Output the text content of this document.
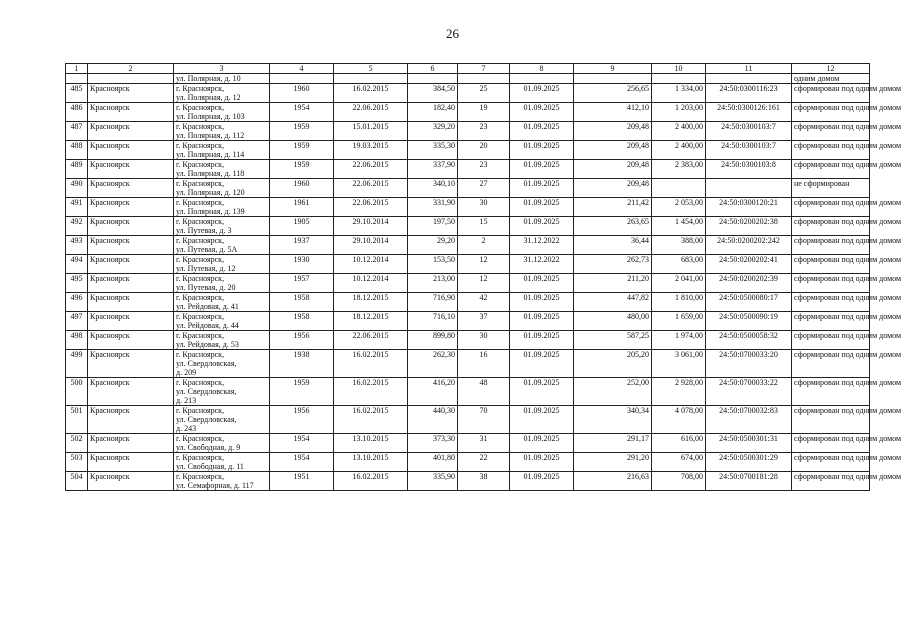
26
1	2	3	4	5	6	7	8	9	10	11	12
		ул. Полярная, д. 10									одним домом
485	Красноярск	г. Красноярск,
ул. Полярная, д. 12	1960	16.02.2015	384,50	25	01.09.2025	256,65	1 334,00	24:50:0300116:23	сформирован под одним домом
486	Красноярск	г. Красноярск,
ул. Полярная, д. 103	1954	22.06.2015	182,40	19	01.09.2025	412,10	1 203,00	24:50:0300126:161	сформирован под одним домом
487	Красноярск	г. Красноярск,
ул. Полярная, д. 112	1959	15.01.2015	329,20	23	01.09.2025	209,48	2 400,00	24:50:0300103:7	сформирован под одним домом
488	Красноярск	г. Красноярск,
ул. Полярная, д. 114	1959	19.03.2015	335,30	20	01.09.2025	209,48	2 400,00	24:50:0300103:7	сформирован под одним домом
489	Красноярск	г. Красноярск,
ул. Полярная, д. 118	1959	22.06.2015	337,90	23	01.09.2025	209,48	2 383,00	24:50:0300103:8	сформирован под одним домом
490	Красноярск	г. Красноярск,
ул. Полярная, д. 120	1960	22.06.2015	340,10	27	01.09.2025	209,48			не сформирован
491	Красноярск	г. Красноярск,
ул. Полярная, д. 139	1961	22.06.2015	331,90	30	01.09.2025	211,42	2 053,00	24:50:0300120:21	сформирован под одним домом
492	Красноярск	г. Красноярск,
ул. Путевая, д. 3	1905	29.10.2014	197,50	15	01.09.2025	263,65	1 454,00	24:50:0200202:38	сформирован под одним домом
493	Красноярск	г. Красноярск,
ул. Путевая, д. 5А	1937	29.10.2014	29,20	2	31.12.2022	36,44	388,00	24:50:0200202:242	сформирован под одним домом
494	Красноярск	г. Красноярск,
ул. Путевая, д. 12	1930	10.12.2014	153,50	12	31.12.2022	262,73	683,00	24:50:0200202:41	сформирован под одним домом
495	Красноярск	г. Красноярск,
ул. Путевая, д. 20	1957	10.12.2014	213,00	12	01.09.2025	211,20	2 041,00	24:50:0200202:39	сформирован под одним домом
496	Красноярск	г. Красноярск,
ул. Рейдовая, д. 41	1958	18.12.2015	716,90	42	01.09.2025	447,82	1 810,00	24:50:0500080:17	сформирован под одним домом
497	Красноярск	г. Красноярск,
ул. Рейдовая, д. 44	1958	18.12.2015	716,10	37	01.09.2025	480,00	1 659,00	24:50:0500090:19	сформирован под одним домом
498	Красноярск	г. Красноярск,
ул. Рейдовая, д. 53	1956	22.06.2015	899,80	30	01.09.2025	587,25	1 974,00	24:50:0500058:32	сформирован под одним домом
499	Красноярск	г. Красноярск,
ул. Свердловская,
д. 209	1938	16.02.2015	262,30	16	01.09.2025	205,20	3 061,00	24:50:0700033:20	сформирован под одним домом
500	Красноярск	г. Красноярск,
ул. Свердловская,
д. 213	1959	16.02.2015	416,20	48	01.09.2025	252,00	2 928,00	24:50:0700033:22	сформирован под одним домом
501	Красноярск	г. Красноярск,
ул. Свердловская,
д. 243	1956	16.02.2015	440,30	70	01.09.2025	340,34	4 078,00	24:50:0700032:83	сформирован под одним домом
502	Красноярск	г. Красноярск,
ул. Свободная, д. 9	1954	13.10.2015	373,30	31	01.09.2025	291,17	616,00	24:50:0500301:31	сформирован под одним домом
503	Красноярск	г. Красноярск,
ул. Свободная, д. 11	1954	13.10.2015	401,80	22	01.09.2025	291,20	674,00	24:50:0500301:29	сформирован под одним домом
504	Красноярск	г. Красноярск,
ул. Семафорная, д. 117	1951	16.02.2015	335,90	38	01.09.2025	216,63	708,00	24:50:0700181:28	сформирован под одним домом
